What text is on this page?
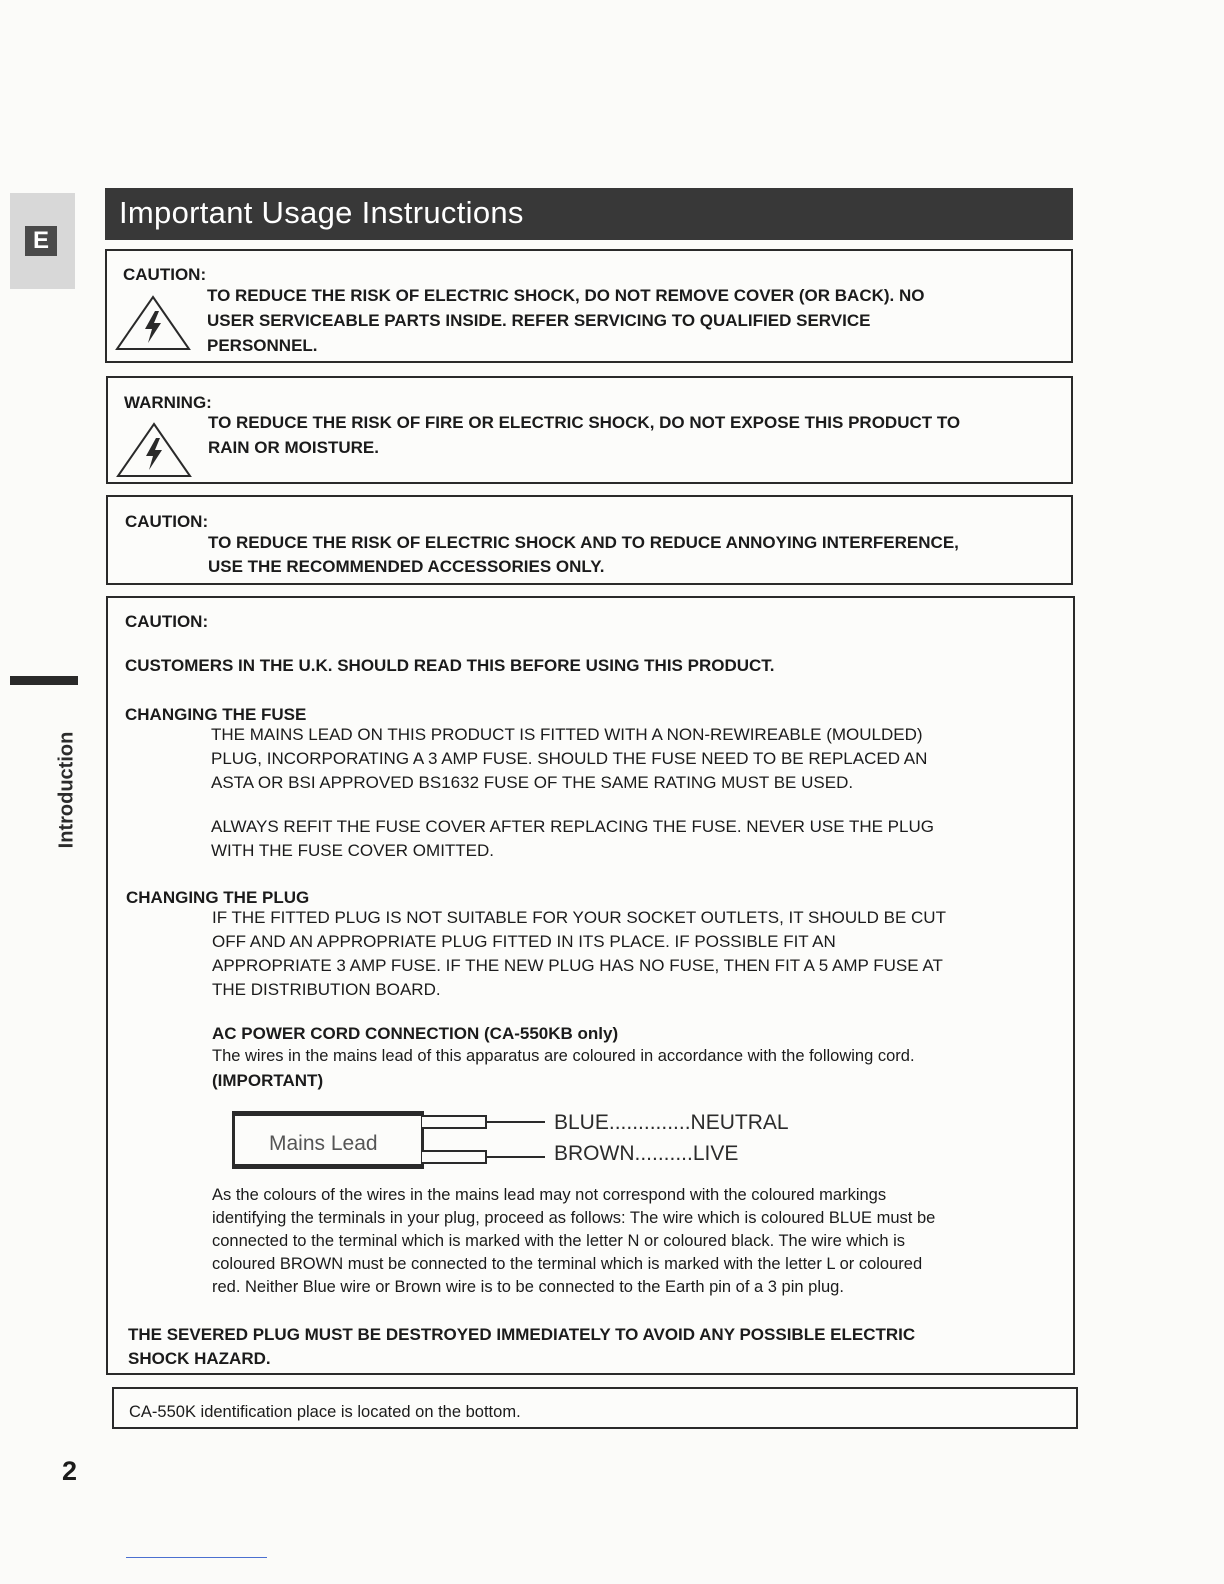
E
Introduction
2
Important Usage Instructions
CAUTION:
TO REDUCE THE RISK OF ELECTRIC SHOCK, DO NOT REMOVE COVER (OR BACK). NO
USER SERVICEABLE PARTS INSIDE. REFER SERVICING TO QUALIFIED SERVICE
PERSONNEL.
WARNING:
TO REDUCE THE RISK OF FIRE OR ELECTRIC SHOCK, DO NOT EXPOSE THIS PRODUCT TO
RAIN OR MOISTURE.
CAUTION:
TO REDUCE THE RISK OF ELECTRIC SHOCK AND TO REDUCE ANNOYING INTERFERENCE,
USE THE RECOMMENDED ACCESSORIES ONLY.
CAUTION:
CUSTOMERS IN THE U.K. SHOULD READ THIS BEFORE USING THIS PRODUCT.
CHANGING THE FUSE
THE MAINS LEAD ON THIS PRODUCT IS FITTED WITH A NON-REWIREABLE (MOULDED)
PLUG, INCORPORATING A 3 AMP FUSE. SHOULD THE FUSE NEED TO BE REPLACED AN
ASTA OR BSI APPROVED BS1632 FUSE OF THE SAME RATING MUST BE USED.
ALWAYS REFIT THE FUSE COVER AFTER REPLACING THE FUSE. NEVER USE THE PLUG
WITH THE FUSE COVER OMITTED.
CHANGING THE PLUG
IF THE FITTED PLUG IS NOT SUITABLE FOR YOUR SOCKET OUTLETS, IT SHOULD BE CUT
OFF AND AN APPROPRIATE PLUG FITTED IN ITS PLACE. IF POSSIBLE FIT AN
APPROPRIATE 3 AMP FUSE. IF THE NEW PLUG HAS NO FUSE, THEN FIT A 5 AMP FUSE AT
THE DISTRIBUTION BOARD.
AC POWER CORD CONNECTION (CA-550KB only)
The wires in the mains lead of this apparatus are coloured in accordance with the following cord.
(IMPORTANT)
As the colours of the wires in the mains lead may not correspond with the coloured markings
identifying the terminals in your plug, proceed as follows: The wire which is coloured BLUE must be
connected to the terminal which is marked with the letter N or coloured black. The wire which is
coloured BROWN must be connected to the terminal which is marked with the letter L or coloured
red. Neither Blue wire or Brown wire is to be connected to the Earth pin of a 3 pin plug.
THE SEVERED PLUG MUST BE DESTROYED IMMEDIATELY TO AVOID ANY POSSIBLE ELECTRIC
SHOCK HAZARD.
Mains Lead
BLUE..............NEUTRAL
BROWN..........LIVE
CA-550K identification place is located on the bottom.
